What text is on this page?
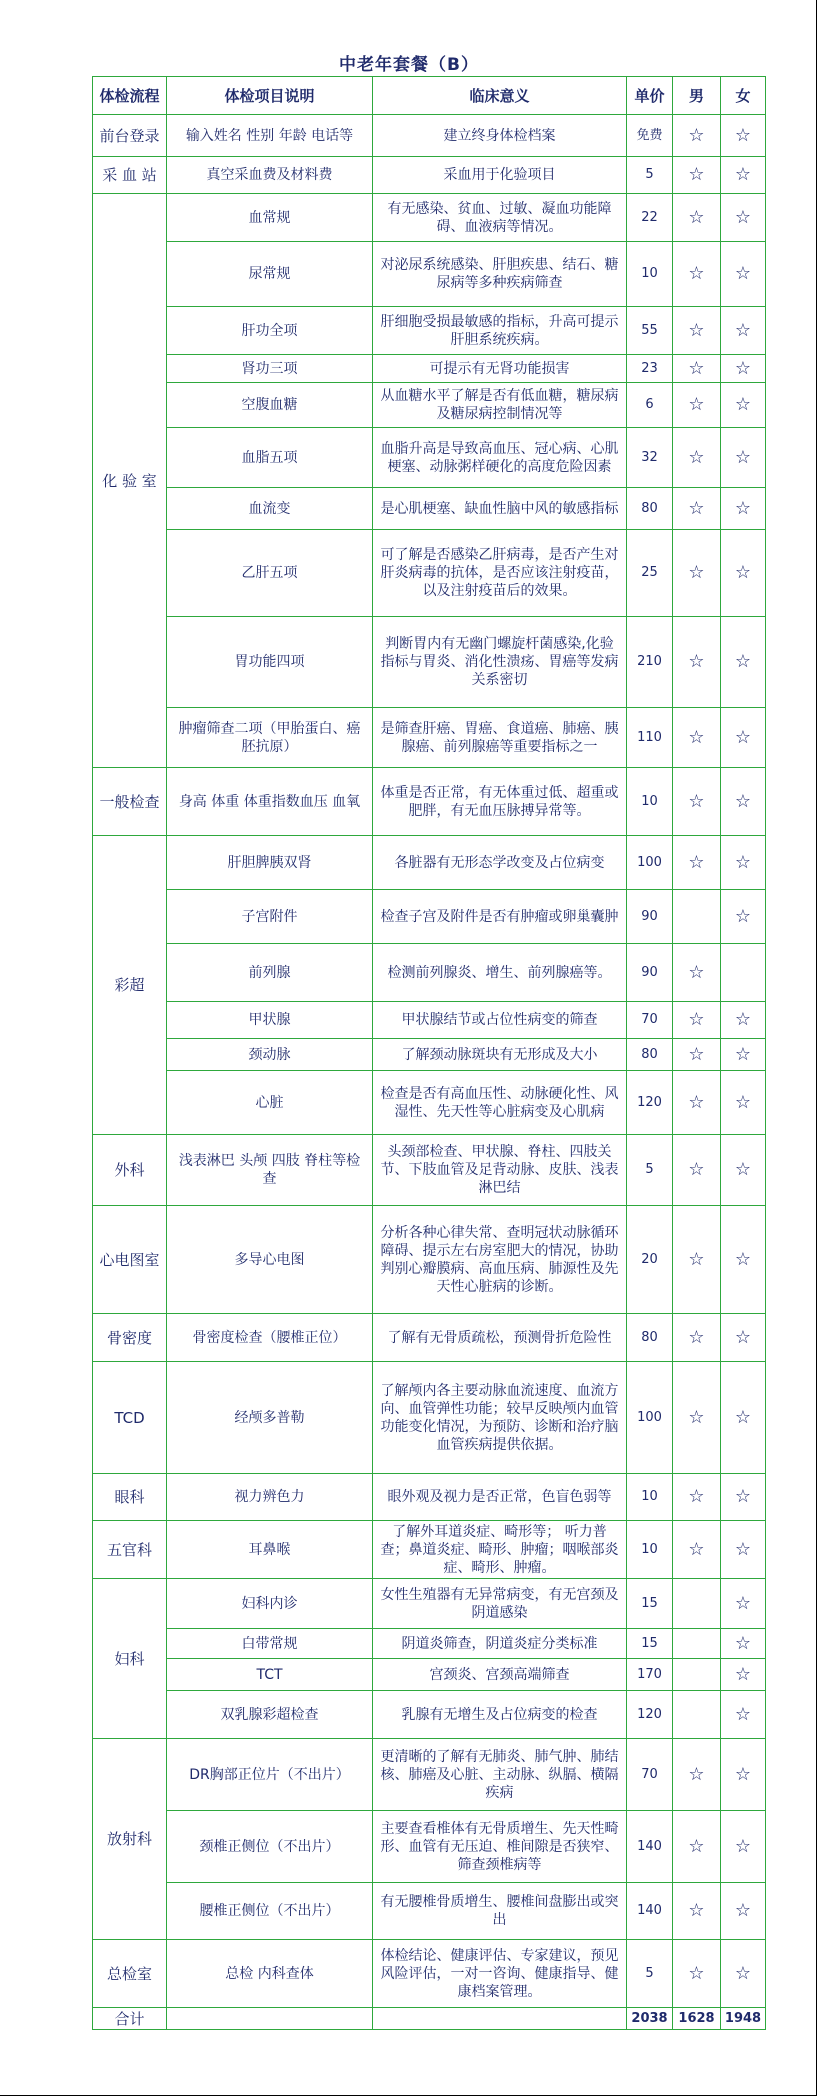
中老年套餐（B）
体检流程	体检项目说明	临床意义	单价	男	女
前台登录	输入姓名 性别 年龄 电话等	建立终身体检档案	免费	☆	☆
采 血 站	真空采血费及材料费	采血用于化验项目	5	☆	☆
化 验 室	血常规	有无感染、贫血、过敏、凝血功能障碍、血液病等情况。	22	☆	☆
	尿常规	对泌尿系统感染、肝胆疾患、结石、糖尿病等多种疾病筛查	10	☆	☆
	肝功全项	肝细胞受损最敏感的指标，升高可提示肝胆系统疾病。	55	☆	☆
	肾功三项	可提示有无肾功能损害	23	☆	☆
	空腹血糖	从血糖水平了解是否有低血糖，糖尿病及糖尿病控制情况等	6	☆	☆
	血脂五项	血脂升高是导致高血压、冠心病、心肌梗塞、动脉粥样硬化的高度危险因素	32	☆	☆
	血流变	是心肌梗塞、缺血性脑中风的敏感指标	80	☆	☆
	乙肝五项	可了解是否感染乙肝病毒，是否产生对肝炎病毒的抗体，是否应该注射疫苗，以及注射疫苗后的效果。	25	☆	☆
	胃功能四项	判断胃内有无幽门螺旋杆菌感染,化验指标与胃炎、消化性溃疡、胃癌等发病关系密切	210	☆	☆
	肿瘤筛查二项（甲胎蛋白、癌胚抗原）	是筛查肝癌、胃癌、食道癌、肺癌、胰腺癌、前列腺癌等重要指标之一	110	☆	☆
一般检查	身高 体重 体重指数血压 血氧	体重是否正常，有无体重过低、超重或肥胖，有无血压脉搏异常等。	10	☆	☆
彩超	肝胆脾胰双肾	各脏器有无形态学改变及占位病变	100	☆	☆
	子宫附件	检查子宫及附件是否有肿瘤或卵巢囊肿	90		☆
	前列腺	检测前列腺炎、增生、前列腺癌等。	90	☆	
	甲状腺	甲状腺结节或占位性病变的筛查	70	☆	☆
	颈动脉	了解颈动脉斑块有无形成及大小	80	☆	☆
	心脏	检查是否有高血压性、动脉硬化性、风湿性、先天性等心脏病变及心肌病	120	☆	☆
外科	浅表淋巴 头颅 四肢 脊柱等检查	头颈部检查、甲状腺、脊柱、四肢关节、下肢血管及足背动脉、皮肤、浅表淋巴结	5	☆	☆
心电图室	多导心电图	分析各种心律失常、查明冠状动脉循环障碍、提示左右房室肥大的情况，协助判别心瓣膜病、高血压病、肺源性及先天性心脏病的诊断。	20	☆	☆
骨密度	骨密度检查（腰椎正位）	了解有无骨质疏松，预测骨折危险性	80	☆	☆
TCD	经颅多普勒	了解颅内各主要动脉血流速度、血流方向、血管弹性功能；较早反映颅内血管功能变化情况，为预防、诊断和治疗脑血管疾病提供依据。	100	☆	☆
眼科	视力辨色力	眼外观及视力是否正常，色盲色弱等	10	☆	☆
五官科	耳鼻喉	了解外耳道炎症、畸形等； 听力普查；鼻道炎症、畸形、肿瘤；咽喉部炎症、畸形、肿瘤。	10	☆	☆
妇科	妇科内诊	女性生殖器有无异常病变，有无宫颈及阴道感染	15		☆
	白带常规	阴道炎筛查，阴道炎症分类标准	15		☆
	TCT	宫颈炎、宫颈高端筛查	170		☆
	双乳腺彩超检查	乳腺有无增生及占位病变的检查	120		☆
放射科	DR胸部正位片（不出片）	更清晰的了解有无肺炎、肺气肿、肺结核、肺癌及心脏、主动脉、纵膈、横隔疾病	70	☆	☆
	颈椎正侧位（不出片）	主要查看椎体有无骨质增生、先天性畸形、血管有无压迫、椎间隙是否狭窄、筛查颈椎病等	140	☆	☆
	腰椎正侧位（不出片）	有无腰椎骨质增生、腰椎间盘膨出或突出	140	☆	☆
总检室	总检 内科查体	体检结论、健康评估、专家建议，预见风险评估，一对一咨询、健康指导、健康档案管理。	5	☆	☆
合计			2038	1628	1948
